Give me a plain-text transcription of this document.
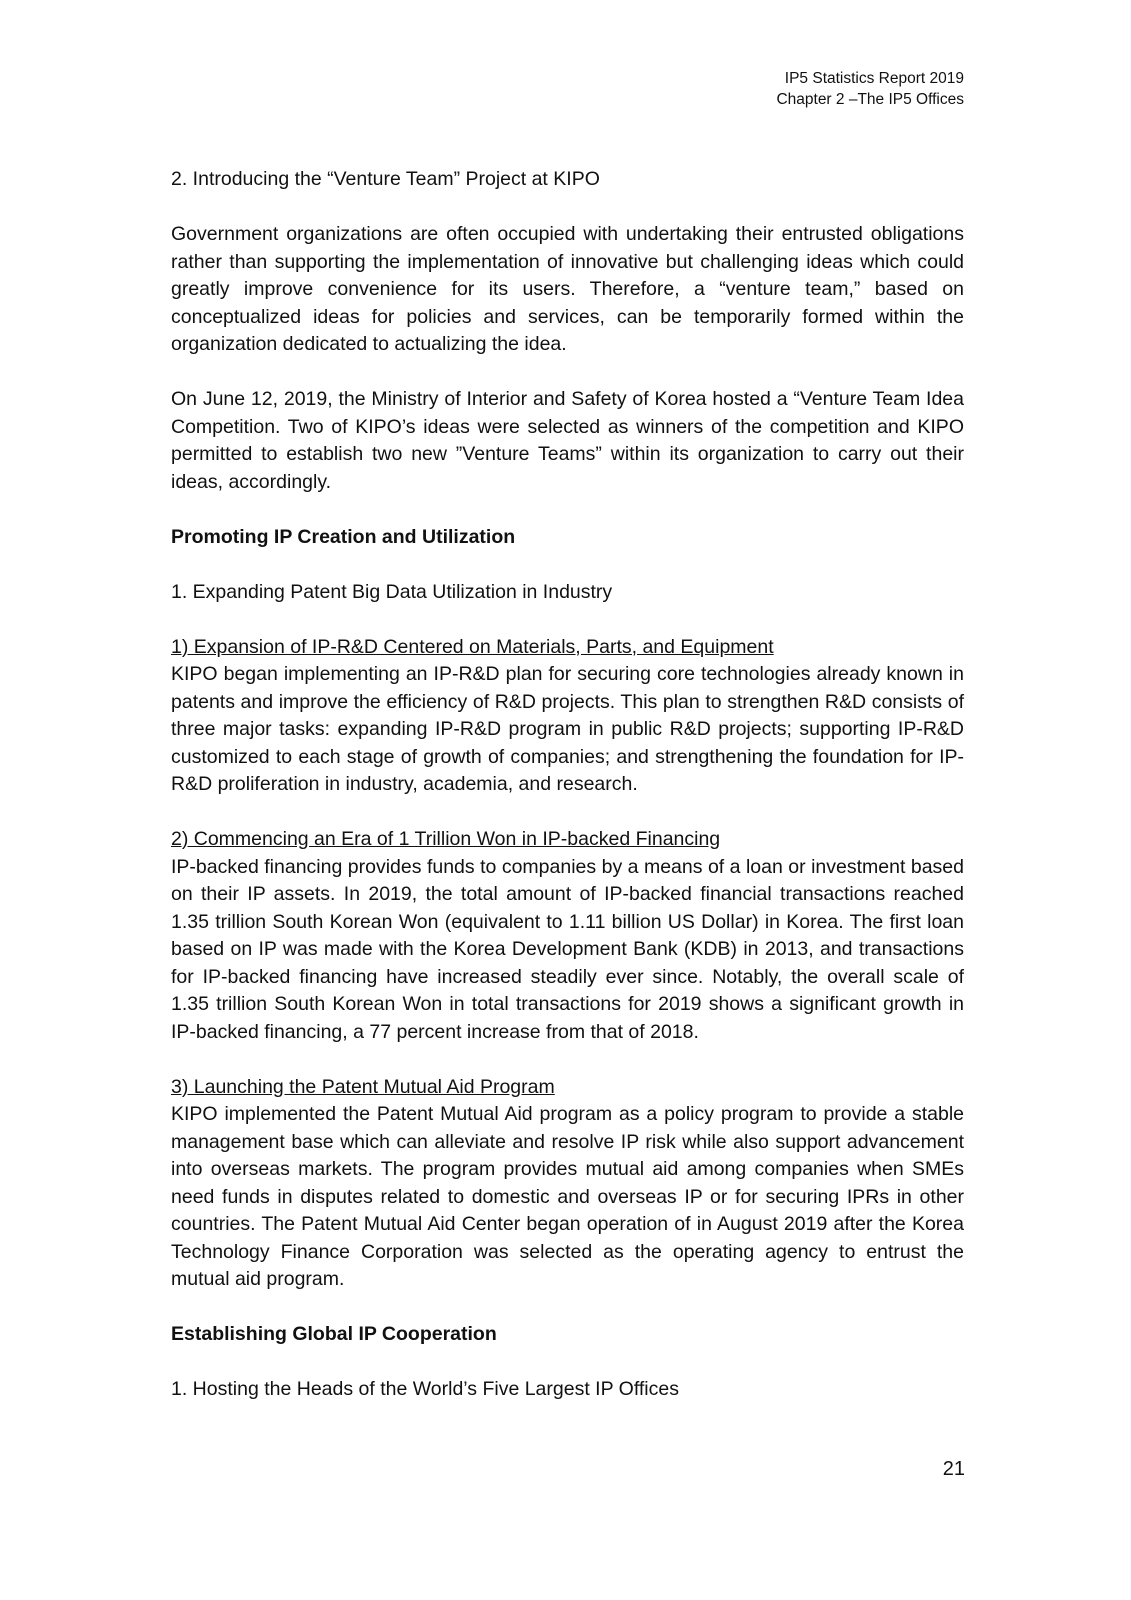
IP5 Statistics Report 2019
Chapter 2 –The IP5 Offices

2. Introducing the “Venture Team” Project at KIPO

Government organizations are often occupied with undertaking their entrusted obligations rather than supporting the implementation of innovative but challenging ideas which could greatly improve convenience for its users. Therefore, a “venture team,” based on conceptualized ideas for policies and services, can be temporarily formed within the organization dedicated to actualizing the idea.

On June 12, 2019, the Ministry of Interior and Safety of Korea hosted a “Venture Team Idea Competition. Two of KIPO’s ideas were selected as winners of the competition and KIPO permitted to establish two new ”Venture Teams” within its organization to carry out their ideas, accordingly.

Promoting IP Creation and Utilization

1. Expanding Patent Big Data Utilization in Industry

1) Expansion of IP-R&D Centered on Materials, Parts, and Equipment

KIPO began implementing an IP-R&D plan for securing core technologies already known in patents and improve the efficiency of R&D projects. This plan to strengthen R&D consists of three major tasks: expanding IP-R&D program in public R&D projects; supporting IP-R&D customized to each stage of growth of companies; and strengthening the foundation for IP-R&D proliferation in industry, academia, and research.

2) Commencing an Era of 1 Trillion Won in IP-backed Financing

IP-backed financing provides funds to companies by a means of a loan or investment based on their IP assets. In 2019, the total amount of IP-backed financial transactions reached 1.35 trillion South Korean Won (equivalent to 1.11 billion US Dollar) in Korea. The first loan based on IP was made with the Korea Development Bank (KDB) in 2013, and transactions for IP-backed financing have increased steadily ever since. Notably, the overall scale of 1.35 trillion South Korean Won in total transactions for 2019 shows a significant growth in IP-backed financing, a 77 percent increase from that of 2018.

3) Launching the Patent Mutual Aid Program

KIPO implemented the Patent Mutual Aid program as a policy program to provide a stable management base which can alleviate and resolve IP risk while also support advancement into overseas markets. The program provides mutual aid among companies when SMEs need funds in disputes related to domestic and overseas IP or for securing IPRs in other countries. The Patent Mutual Aid Center began operation of in August 2019 after the Korea Technology Finance Corporation was selected as the operating agency to entrust the mutual aid program.

Establishing Global IP Cooperation

1. Hosting the Heads of the World’s Five Largest IP Offices

21
